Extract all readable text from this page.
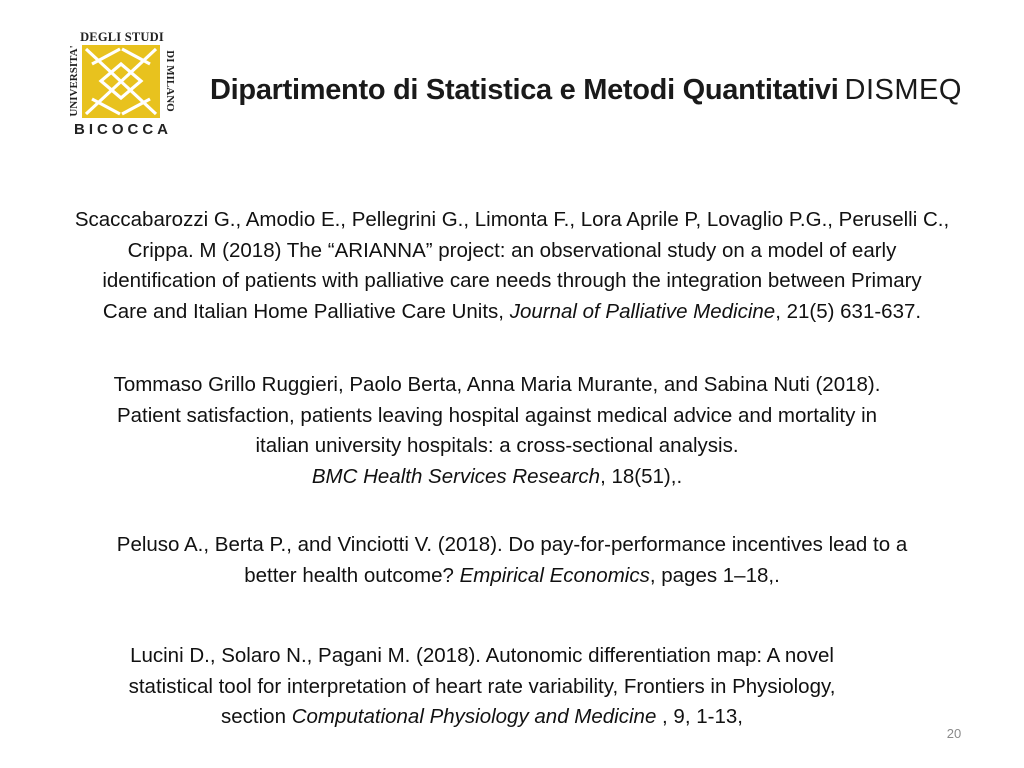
DEGLI STUDI
UNIVERSITA'	DI MILANO
BICOCCA
Dipartimento di Statistica e Metodi Quantitativi DISMEQ
Scaccabarozzi G., Amodio E., Pellegrini G., Limonta F., Lora Aprile P, Lovaglio P.G., Peruselli C.,
Crippa. M (2018) The “ARIANNA” project: an observational study on a model of early
identification of patients with palliative care needs through the integration between Primary
Care and Italian Home Palliative Care Units, Journal of Palliative Medicine, 21(5) 631-637.
Tommaso Grillo Ruggieri, Paolo Berta, Anna Maria Murante, and Sabina Nuti (2018).
Patient satisfaction, patients leaving hospital against medical advice and mortality in
italian university hospitals: a cross-sectional analysis.
BMC Health Services Research, 18(51),.
Peluso A., Berta P., and Vinciotti V. (2018). Do pay-for-performance incentives lead to a
better health outcome? Empirical Economics, pages 1–18,.
Lucini D., Solaro N., Pagani M. (2018). Autonomic differentiation map: A novel
statistical tool for interpretation of heart rate variability, Frontiers in Physiology,
section Computational Physiology and Medicine , 9, 1-13,
20
